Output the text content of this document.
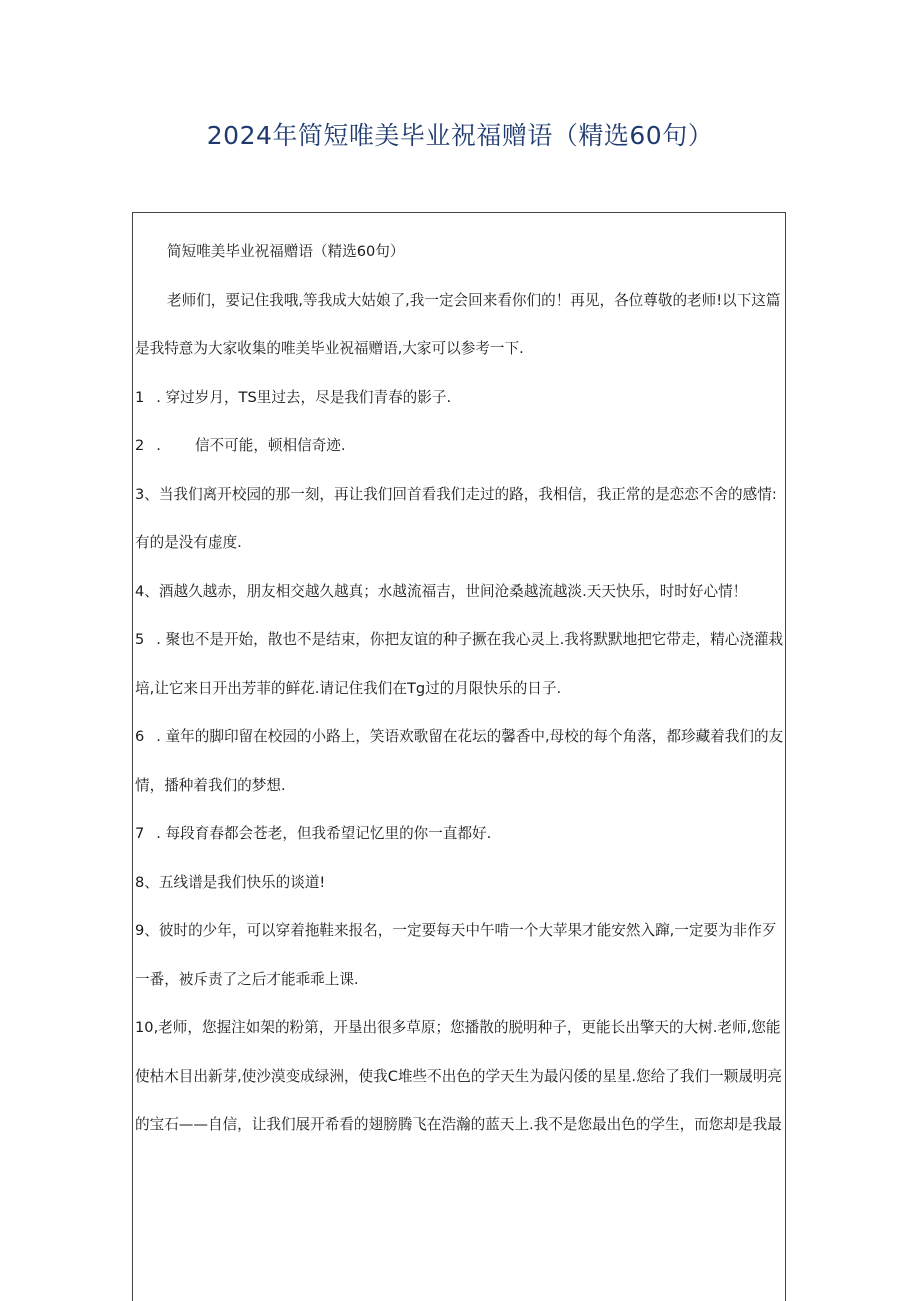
2024年简短唯美毕业祝福赠语（精选60句）
简短唯美毕业祝福赠语（精选60句）
老师们，要记住我哦,等我成大姑娘了,我一定会回来看你们的！再见，各位尊敬的老师!以下这篇
是我特意为大家收集的唯美毕业祝福赠语,大家可以参考一下.
1 . 穿过岁月，TS里过去，尽是我们青春的影子.
2 . 信不可能，顿相信奇迹.
3、当我们离开校园的那一刻，再让我们回首看我们走过的路，我相信，我正常的是恋恋不舍的感情:
有的是没有虚度.
4、酒越久越赤，朋友相交越久越真；水越流福吉，世间沧桑越流越淡.天天快乐，时时好心情！
5 . 聚也不是开始，散也不是结束，你把友谊的种子撅在我心灵上.我将默默地把它带走，精心浇灌栽
培,让它来日开出芳菲的鲜花.请记住我们在Tg过的月限快乐的日子.
6 . 童年的脚印留在校园的小路上，笑语欢歌留在花坛的馨香中,母校的每个角落，都珍藏着我们的友
情，播种着我们的梦想.
7 . 每段育春都会苍老，但我希望记忆里的你一直都好.
8、五线谱是我们快乐的谈道!
9、彼时的少年，可以穿着拖鞋来报名，一定要每天中午啃一个大苹果才能安然入蹿,一定要为非作歹
一番，被斥责了之后才能乖乖上课.
10,老师，您握注如架的粉第，开垦出很多草原；您播散的脱明种子，更能长出擎天的大树.老师,您能
使枯木目出新芽,使沙漠变成绿洲，使我C堆些不出色的学天生为最闪倭的星星.您给了我们一颗晟明亮
的宝石——自信，让我们展开希看的翅膀腾飞在浩瀚的蓝天上.我不是您最出色的学生，而您却是我最
